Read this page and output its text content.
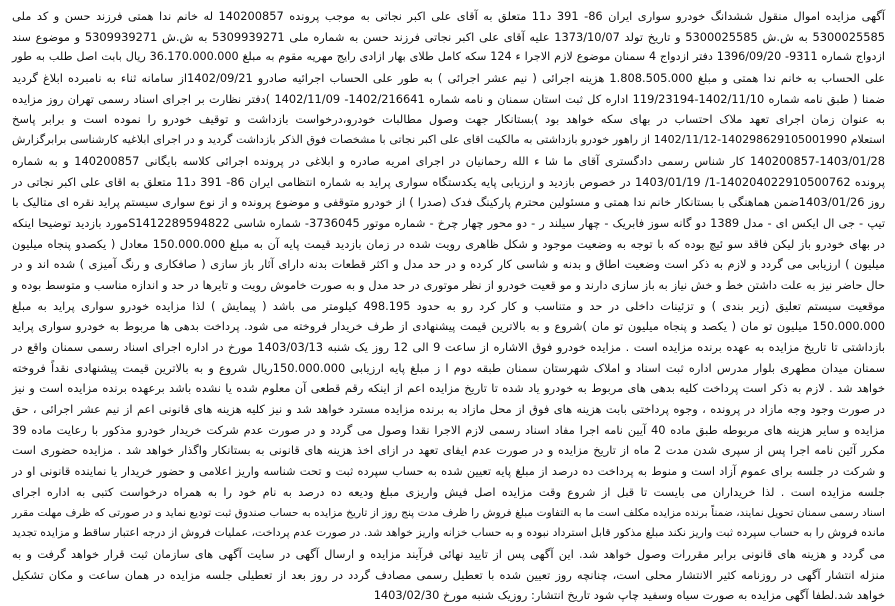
آگهی مزایده اموال منقول ششدانگ خودرو سواری ایران 86- 391 د11 متعلق به آقای علی اکبر نجاتی به موجب پرونده 140200857 له خانم ندا همتی فرزند حسن و کد ملی
5300025585 به ش.ش 5300025585 و تاریخ تولد 1373/10/07 علیه آقای علی اکبر نجاتی فرزند حسن به شماره ملی 5309939271 به ش.ش 5309939271 و موضوع سند
ازدواج شماره 9311- 1396/09/20 دفتر ازدواج 4 سمنان موضوع لازم الاجرا ء 124 سکه کامل طلای بهار ازادی رایج مهریه مقوم به مبلغ 36.170.000.000 ریال بابت اصل طلب به طور
علی الحساب به خانم ندا همتی و مبلغ 1.808.505.000 هزینه اجرائی ( نیم عشر اجرائی ) به طور علی الحساب اجرائیه صادرو 1402/09/21از سامانه ثناء به نامبرده ابلاغ گردید
ضمنا ( طبق نامه شماره 1402/11/10-119/23194 اداره کل ثبت استان سمنان و نامه شماره 1402/216641- 1402/11/09 )دفتر نظارت بر اجرای اسناد رسمی تهران روز مزایده
به عنوان زمان اجرای تعهد ملاک احتساب در بهای سکه خواهد بود )بستانکار جهت وصول مطالبات خودرو،درخواست بازداشت و توقیف خودرو را نموده است و برابر پاسخ
استعلام 140298629105001990-1402/11/12 از راهور خودرو بازداشتی به مالکیت اقای علی اکبر نجاتی با مشخصات فوق الذکر بازداشت گردید و در اجرای ابلاغیه کارشناسی برابرگزارش
140200857-1403/01/28 کار شناس رسمی دادگستری آقای ما شا ء الله رحمانیان در اجرای امریه صادره و ابلاغی در پرونده اجرائی کلاسه بایگانی 140200857 و به شماره
پرونده 140204022910500762-1/ 1403/01/19 در خصوص بازدید و ارزیابی پایه یکدستگاه سواری پراید به شماره انتظامی ایران 86- 391 د11 متعلق به اقای علی اکبر نجاتی در
روز 1403/01/26ضمن هماهنگی با بستانکار خانم ندا همتی و مسئولین محترم پارکینگ فدک (صدرا ) از خودرو متوقفی و موضوع پرونده و از نوع سواری سیستم پراید نقره ای متالیک با
تیپ - جی ال ایکس ای - مدل 1389 دو گانه سوز فابریک - چهار سیلند ر - دو محور چهار چرخ - شماره موتور 3736045- شماره شاسی S1412289594822مورد بازدید توضیحا اینکه
در بهای خودرو باز لیکن فاقد سو ئیچ بوده که با توجه به وضعیت موجود و شکل ظاهری رویت شده در زمان بازدید قیمت پایه آن به مبلغ 150.000.000 معادل ( یکصدو پنجاه میلیون
میلیون ) ارزیابی می گردد و لازم به ذکر است وضعیت اطاق و بدنه و شاسی کار کرده و در حد مدل و اکثر قطعات بدنه دارای آثار باز سازی ( صافکاری و رنگ آمیزی ) شده اند و در
حال حاضر نیز به علت داشتن خط و خش نیاز به باز سازی دارند و مو قعیت خودرو از نظر موتوری در حد مدل و به صورت خاموش رویت و تایرها در حد و اندازه مناسب و متوسط بوده و
موقعیت سیستم تعلیق (زیر بندی ) و تزئینات داخلی در حد و متناسب و کار کرد رو به حدود 498.195 کیلومتر می باشد ( پیمایش ) لذا مزایده خودرو سواری پراید به مبلغ
150.000.000 میلیون تو مان ( یکصد و پنجاه میلیون تو مان )شروع و به بالاترین قیمت پیشنهادی از طرف خریدار فروخته می شود. پرداخت بدهی ها مربوط به خودرو سواری پراید
بازداشتی تا تاریخ مزایده به عهده برنده مزایده است . مزایده خودرو فوق الاشاره از ساعت 9 الی 12 روز یک شنبه 1403/03/13 مورخ در اداره اجرای اسناد رسمی سمنان واقع در
سمنان میدان مطهری بلوار مدرس اداره ثبت اسناد و املاک شهرستان سمنان طبقه دوم ا ز مبلغ پایه ارزیابی 150.000.000ریال شروع و به بالاترین قیمت پیشنهادی نقداً فروخته
خواهد شد . لازم به ذکر است پرداخت کلیه بدهی های مربوط به خودرو یاد شده تا تاریخ مزایده اعم از اینکه رقم قطعی آن معلوم شده یا نشده باشد برعهده برنده مزایده است و نیز
در صورت وجود وجه مازاد در پرونده ، وجوه پرداختی بابت هزینه های فوق از محل مازاد به برنده مزایده مسترد خواهد شد و نیز کلیه هزینه های قانونی اعم از نیم عشر اجرائی ، حق
مزایده و سایر هزینه های مربوطه طبق ماده 40 آیین نامه اجرا مفاد اسناد رسمی لازم الاجرا نقدا وصول می گردد و در صورت عدم شرکت خریدار خودرو مذکور با رعایت ماده 39
مکرر آئین نامه اجرا پس از سپری شدن مدت 2 ماه از تاریخ مزایده و در صورت عدم ایفای تعهد در ازای اخذ هزینه های قانونی به بستانکار واگذار خواهد شد . مزایده حضوری است
و شرکت در جلسه برای عموم آزاد است و منوط به پرداخت ده درصد از مبلغ پایه تعیین شده به حساب سپرده ثبت و تحت شناسه واریز اعلامی و حضور خریدار یا نماینده قانونی او در
جلسه مزایده است . لذا خریداران می بایست تا قبل از شروع وقت مزایده اصل فیش واریزی مبلغ ودیعه ده درصد به نام خود را به همراه درخواست کتبی به اداره اجرای
اسناد رسمی سمنان تحویل نمایند، ضمناً برنده مزایده مکلف است ما به التفاوت مبلغ فروش را ظرف مدت پنج روز از تاریخ مزایده به حساب صندوق ثبت تودیع نماید و در صورتی که ظرف مهلت مقرر
مانده فروش را به حساب سپرده ثبت واریز نکند مبلغ مذکور قابل استرداد نبوده و به حساب خزانه واریز خواهد شد. در صورت عدم پرداخت، عملیات فروش از درجه اعتبار ساقط و مزایده تجدید
می گردد و هزینه های قانونی برابر مقررات وصول خواهد شد. این آگهی پس از تایید نهائی فرآیند مزایده و ارسال آگهی در سایت آگهی های سازمان ثبت قرار خواهد گرفت و به
منزله انتشار آگهی در روزنامه کثیر الانتشار محلی است، چنانچه روز تعیین شده با تعطیل رسمی مصادف گردد در روز بعد از تعطیلی جلسه مزایده در همان ساعت و مکان تشکیل
خواهد شد.لطفا آگهی مزایده به صورت سیاه وسفید چاپ شود تاریخ انتشار: روزیک شنبه مورخ 1403/02/30
